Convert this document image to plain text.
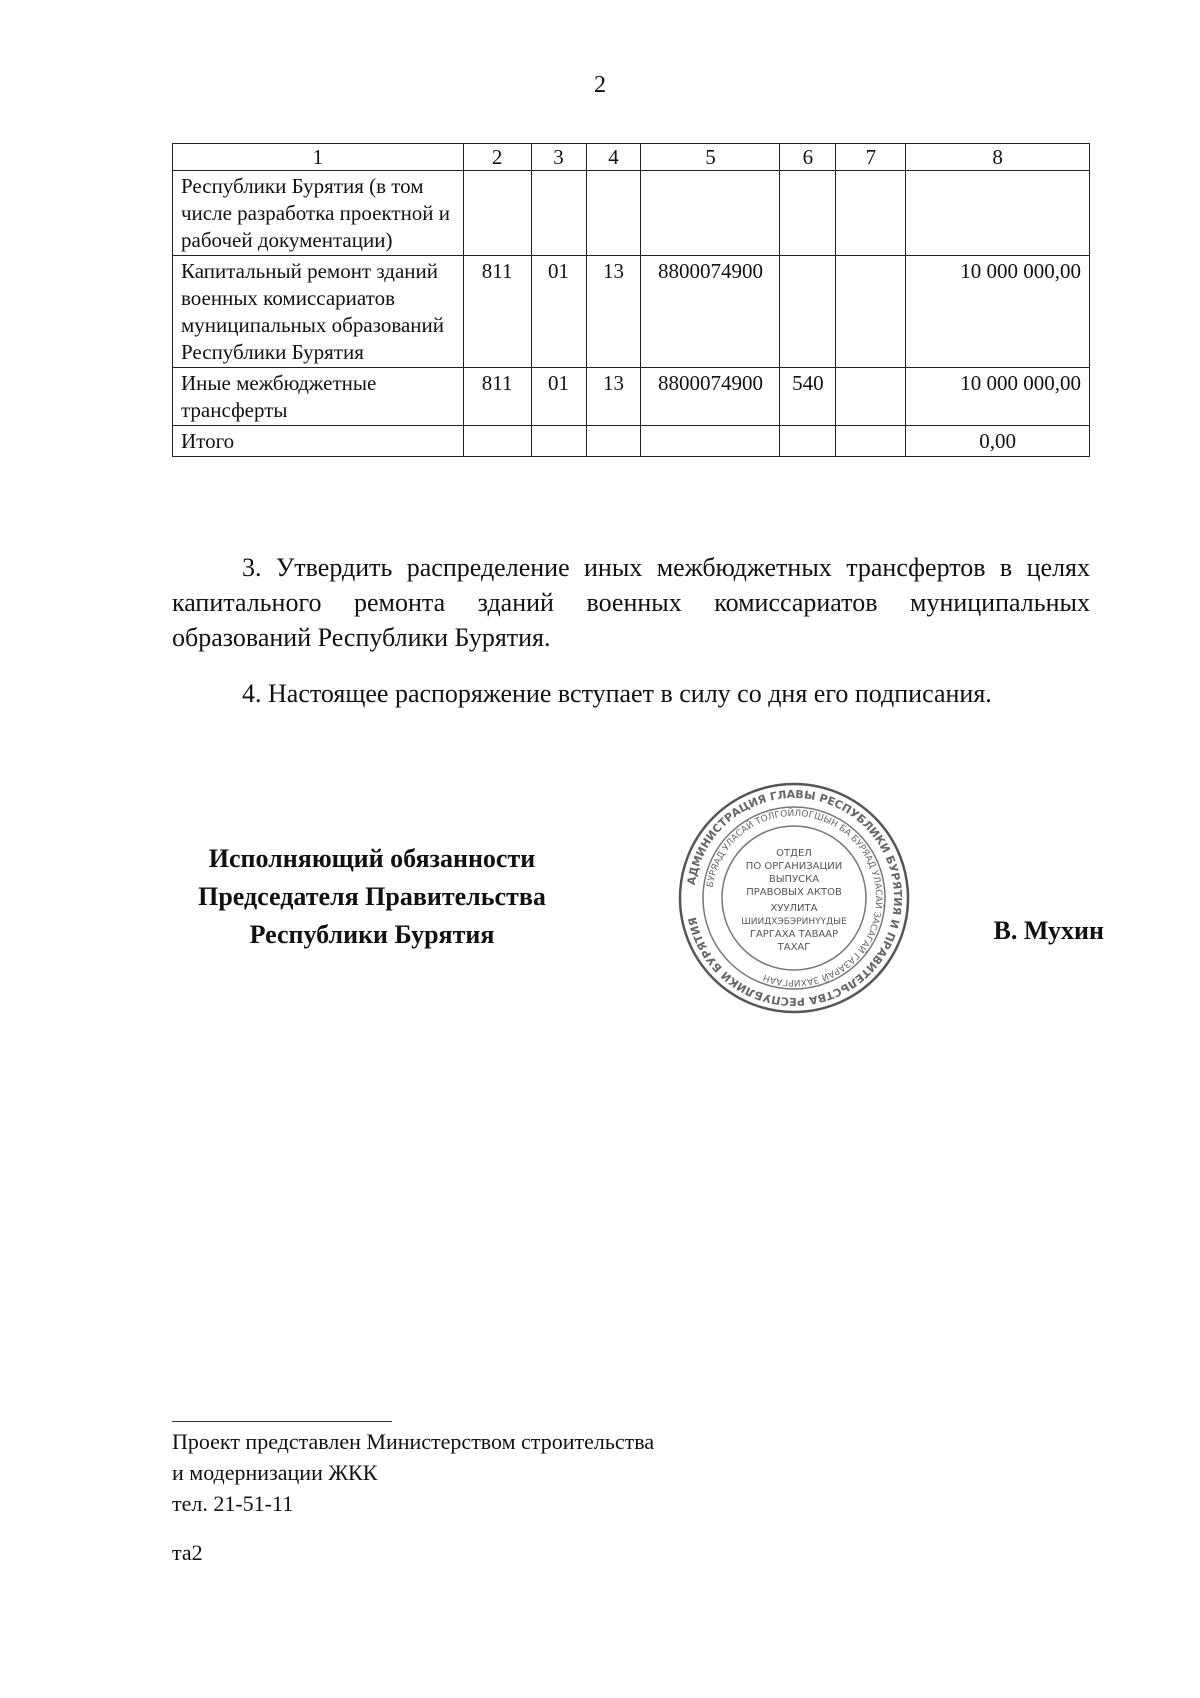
2
1	2	3	4	5	6	7	8
Республики Бурятия (в том числе разработка проектной и рабочей документации)							
Капитальный ремонт зданий военных комиссариатов муниципальных образований Республики Бурятия	811	01	13	8800074900			10 000 000,00
Иные межбюджетные трансферты	811	01	13	8800074900	540		10 000 000,00
Итого							0,00

3. Утвердить распределение иных межбюджетных трансфертов в целях капитального ремонта зданий военных комиссариатов муниципальных образований Республики Бурятия.

4. Настоящее распоряжение вступает в силу со дня его подписания.

Исполняющий обязанности
Председателя Правительства
Республики Бурятия
АДМИНИСТРАЦИЯ ГЛАВЫ РЕСПУБЛИКИ БУРЯТИЯ И ПРАВИТЕЛЬСТВА РЕСПУБЛИКИ БУРЯТИЯ
БУРЯАД УЛАСАЙ ТОЛГОЙЛОГШЫН БА БУРЯАД УЛАСАЙ ЗАСАГАЙ ГАЗАРАЙ ЗАХИРГААН
ОТДЕЛ
ПО ОРГАНИЗАЦИИ
ВЫПУСКА
ПРАВОВЫХ АКТОВ
ХУУЛИТА
ШИИДХЭБЭРИНҮҮДЫЕ
ГАРГАХА ТАВААР
ТАХАГ
В. Мухин
Проект представлен Министерством строительства
и модернизации ЖКК
тел. 21-51-11
та2
